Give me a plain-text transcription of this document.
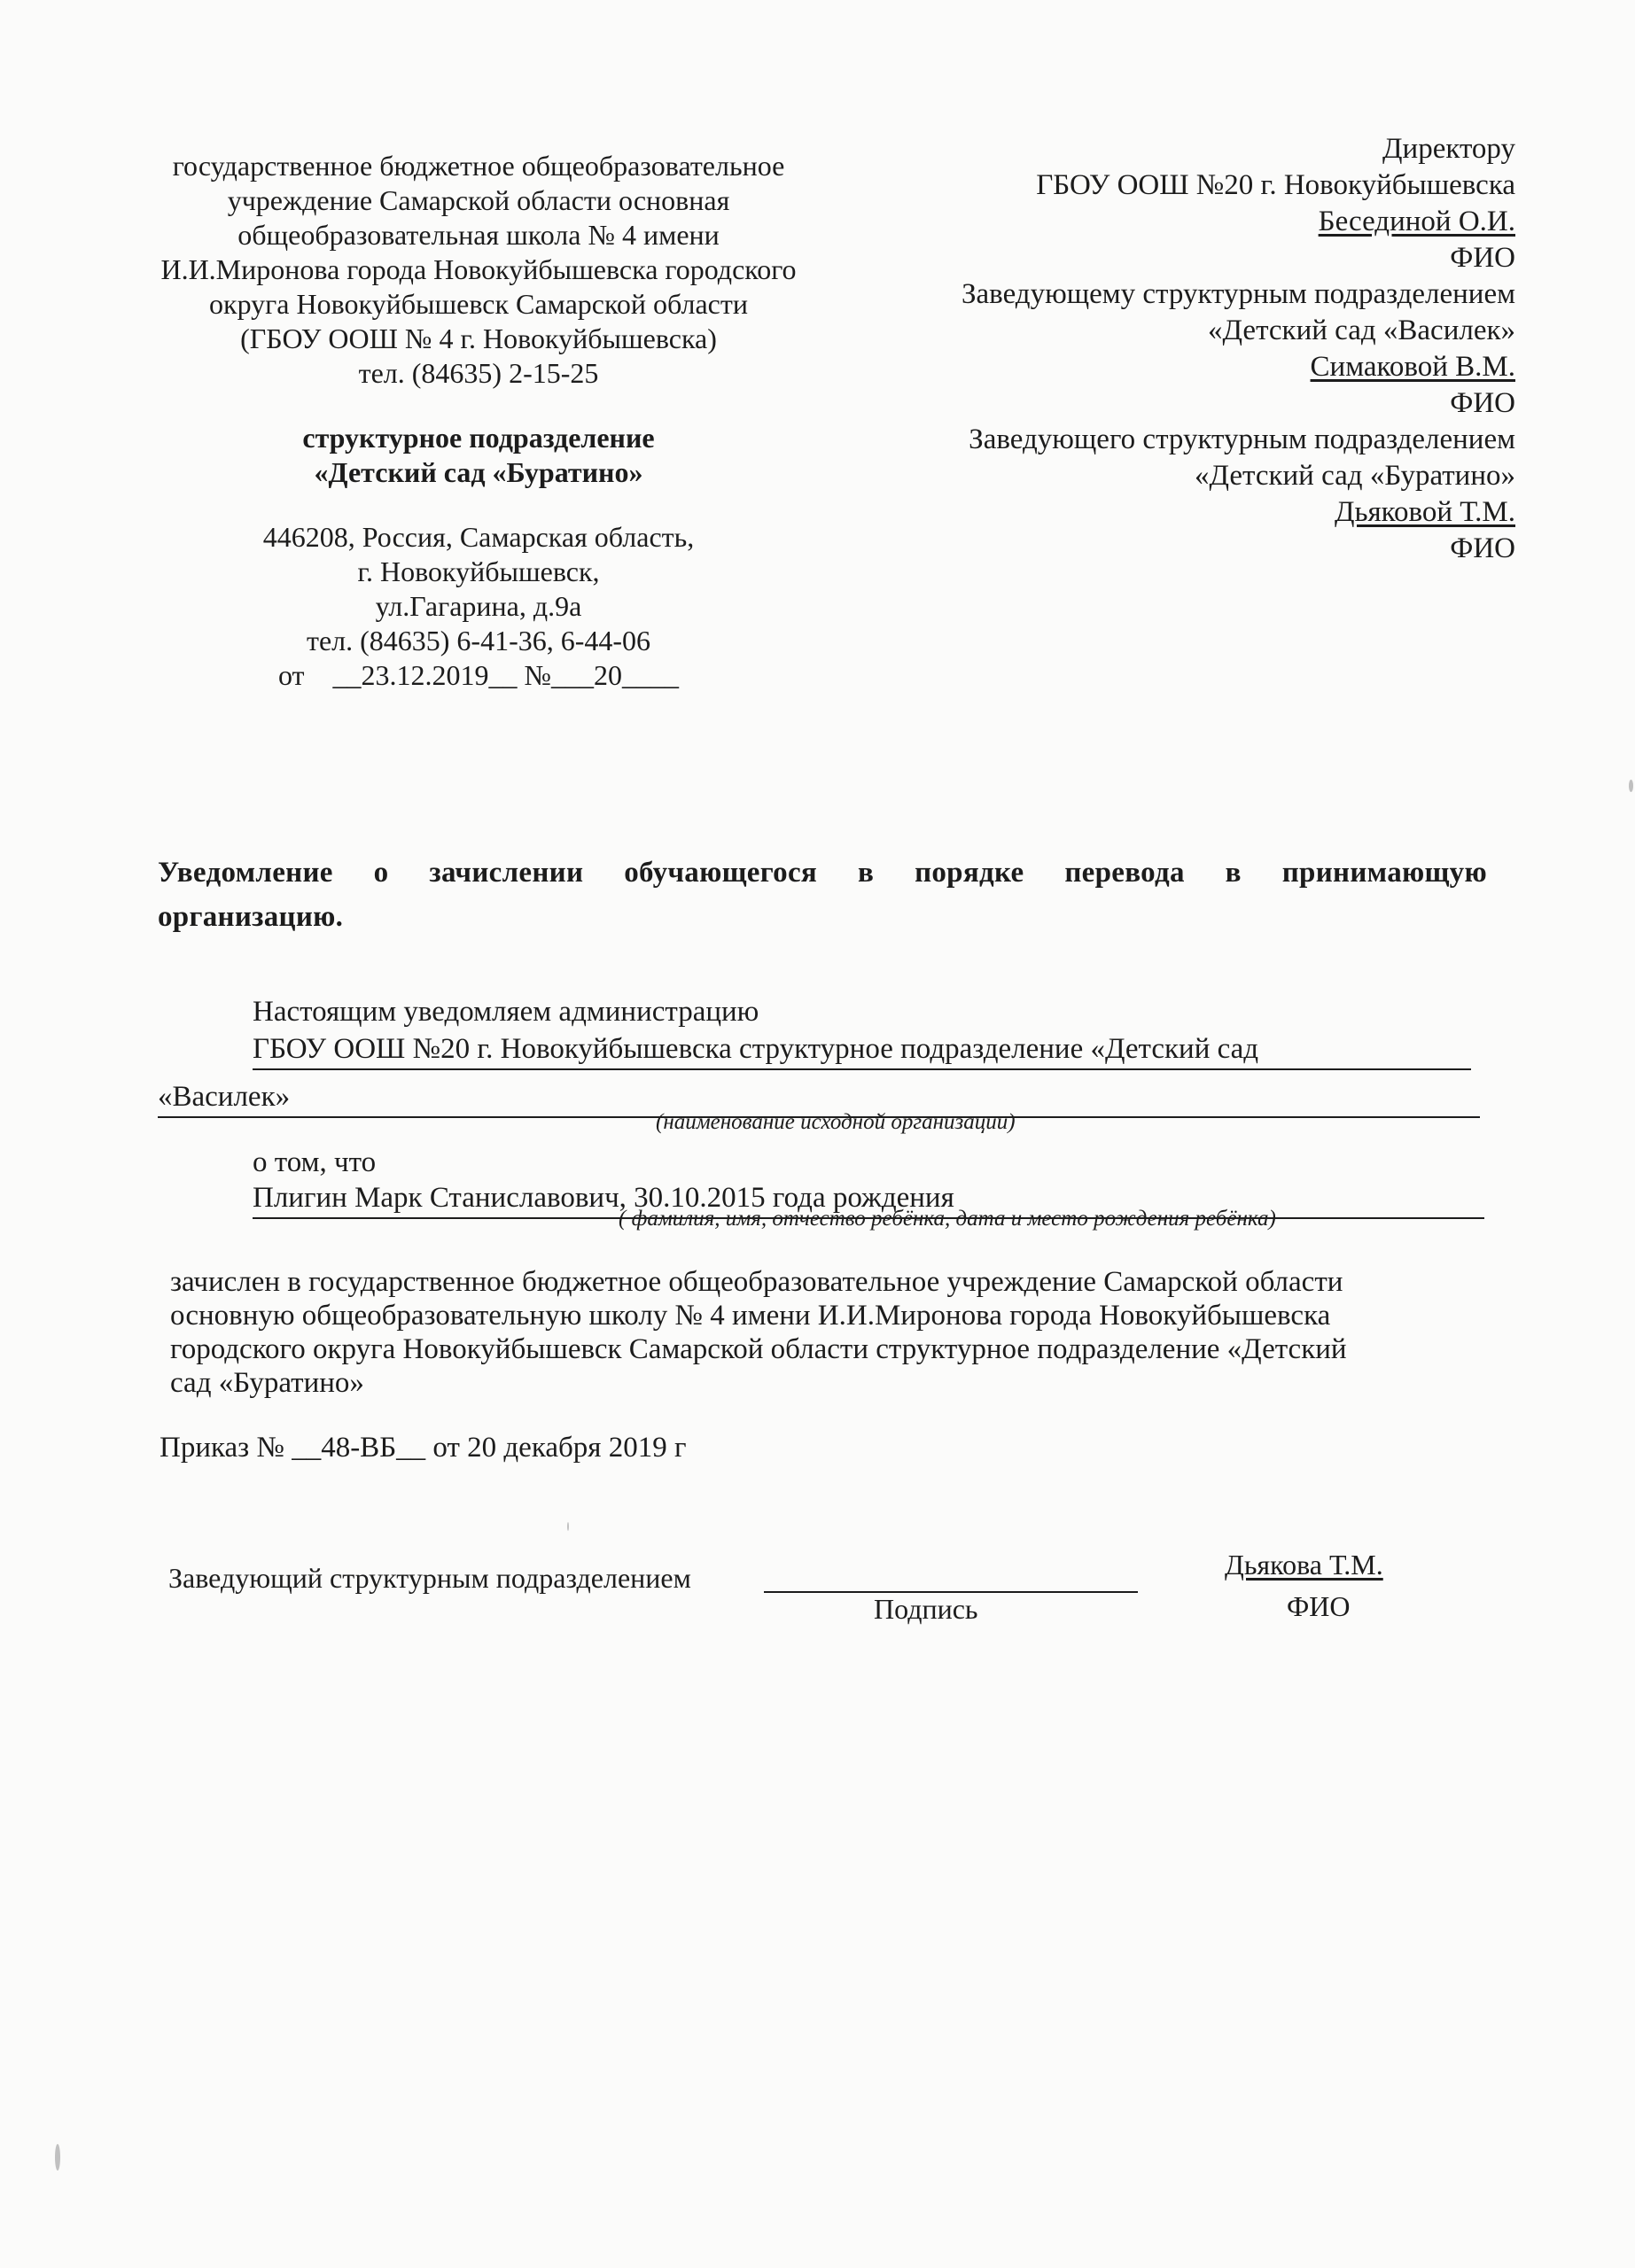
государственное бюджетное общеобразовательное
учреждение Самарской области основная
общеобразовательная школа № 4 имени
И.И.Миронова города Новокуйбышевска городского
округа Новокуйбышевск Самарской области
(ГБОУ ООШ № 4 г. Новокуйбышевска)
тел. (84635) 2-15-25
структурное подразделение
«Детский сад «Буратино»
446208, Россия, Самарская область,
г. Новокуйбышевск,
ул.Гагарина, д.9а
тел. (84635) 6-41-36, 6-44-06
от    __23.12.2019__ №___20____
Директору
ГБОУ ООШ №20 г. Новокуйбышевска
Бесединой О.И.
ФИО
Заведующему структурным подразделением
«Детский сад «Василек»
Симаковой В.М.
ФИО
Заведующего структурным подразделением
«Детский сад «Буратино»
Дьяковой Т.М.
ФИО
Уведомление о зачислении обучающегося в порядке перевода в принимающую
организацию.
Настоящим уведомляем администрацию
ГБОУ ООШ №20 г. Новокуйбышевска структурное подразделение «Детский сад
«Василек»
(наименование исходной организации)
о том, что
Плигин Марк Станиславович, 30.10.2015 года рождения
( фамилия, имя, отчество ребёнка, дата и место рождения ребёнка)

зачислен в государственное бюджетное общеобразовательное учреждение Самарской области

основную общеобразовательную школу № 4 имени И.И.Миронова города Новокуйбышевска

городского округа Новокуйбышевск Самарской области структурное подразделение «Детский

сад «Буратино»

Приказ № __48-ВБ__ от 20 декабря 2019 г
Заведующий структурным подразделением
Подпись
Дьякова Т.М.
ФИО
